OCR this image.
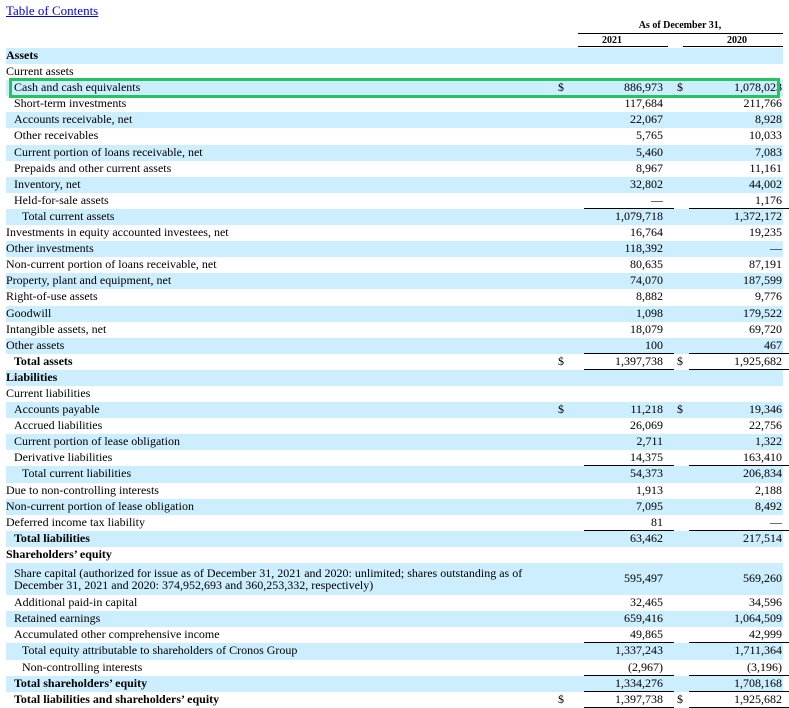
Table of Contents
As of December 31,
2021	2020
Assets
Current assets
Cash and cash equivalents	$	886,973	$	1,078,023
Short-term investments	117,684	211,766
Accounts receivable, net	22,067	8,928
Other receivables	5,765	10,033
Current portion of loans receivable, net	5,460	7,083
Prepaids and other current assets	8,967	11,161
Inventory, net	32,802	44,002
Held-for-sale assets	—	1,176
Total current assets	1,079,718	1,372,172
Investments in equity accounted investees, net	16,764	19,235
Other investments	118,392	—
Non-current portion of loans receivable, net	80,635	87,191
Property, plant and equipment, net	74,070	187,599
Right-of-use assets	8,882	9,776
Goodwill	1,098	179,522
Intangible assets, net	18,079	69,720
Other assets	100	467
Total assets	$	1,397,738	$	1,925,682
Liabilities
Current liabilities
Accounts payable	$	11,218	$	19,346
Accrued liabilities	26,069	22,756
Current portion of lease obligation	2,711	1,322
Derivative liabilities	14,375	163,410
Total current liabilities	54,373	206,834
Due to non-controlling interests	1,913	2,188
Non-current portion of lease obligation	7,095	8,492
Deferred income tax liability	81	—
Total liabilities	63,462	217,514
Shareholders’ equity
Share capital (authorized for issue as of December 31, 2021 and 2020: unlimited; shares outstanding as of December 31, 2021 and 2020: 374,952,693 and 360,253,332, respectively)	595,497	569,260
Additional paid-in capital	32,465	34,596
Retained earnings	659,416	1,064,509
Accumulated other comprehensive income	49,865	42,999
Total equity attributable to shareholders of Cronos Group	1,337,243	1,711,364
Non-controlling interests	(2,967)	(3,196)
Total shareholders’ equity	1,334,276	1,708,168
Total liabilities and shareholders’ equity	$	1,397,738	$	1,925,682
